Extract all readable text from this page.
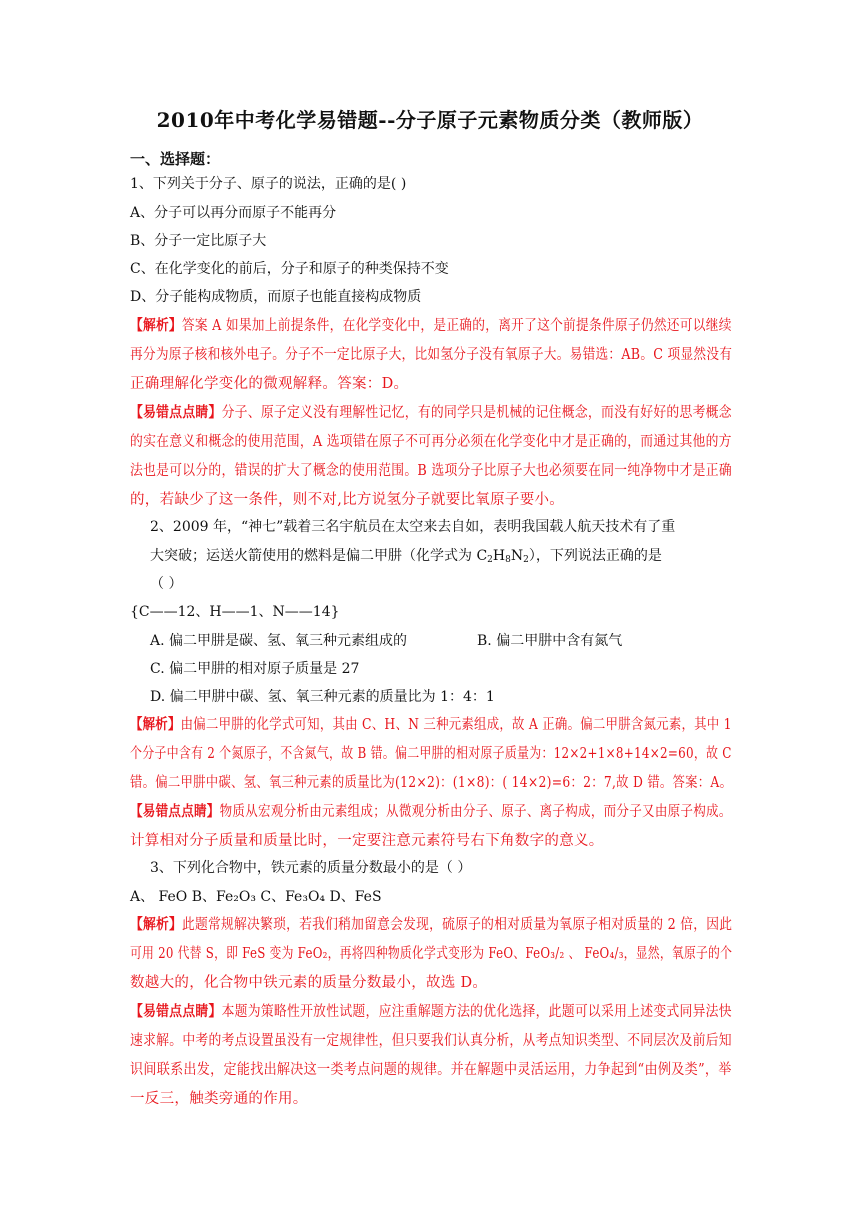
2010年中考化学易错题--分子原子元素物质分类（教师版）
一、选择题：
1、下列关于分子、原子的说法，正确的是( )
A、分子可以再分而原子不能再分
B、分子一定比原子大
C、在化学变化的前后，分子和原子的种类保持不变
D、分子能构成物质，而原子也能直接构成物质
【解析】答案 A 如果加上前提条件，在化学变化中，是正确的，离开了这个前提条件原子仍然还可以继续
再分为原子核和核外电子。分子不一定比原子大，比如氢分子没有氧原子大。易错选：AB。C 项显然没有
正确理解化学变化的微观解释。答案：D。
【易错点点睛】分子、原子定义没有理解性记忆，有的同学只是机械的记住概念，而没有好好的思考概念
的实在意义和概念的使用范围，A 选项错在原子不可再分必须在化学变化中才是正确的，而通过其他的方
法也是可以分的，错误的扩大了概念的使用范围。B 选项分子比原子大也必须要在同一纯净物中才是正确
的，若缺少了这一条件，则不对,比方说氢分子就要比氧原子要小。
2、2009 年，“神七”载着三名宇航员在太空来去自如，表明我国载人航天技术有了重
大突破；运送火箭使用的燃料是偏二甲肼（化学式为 $C_2H_8N_2$），下列说法正确的是
（ ）
{C——12、H——1、N——14}
A. 偏二甲肼是碳、氢、氧三种元素组成的	B. 偏二甲肼中含有氮气
C. 偏二甲肼的相对原子质量是 27
D. 偏二甲肼中碳、氢、氧三种元素的质量比为 1：4：1
【解析】由偏二甲肼的化学式可知，其由 C、H、N 三种元素组成，故 A 正确。偏二甲肼含氮元素，其中 1
个分子中含有 2 个氮原子，不含氮气，故 B 错。偏二甲肼的相对原子质量为：12×2+1×8+14×2=60，故 C
错。偏二甲肼中碳、氢、氧三种元素的质量比为(12×2)：(1×8)：( 14×2)=6：2：7,故 D 错。答案：A。
【易错点点睛】物质从宏观分析由元素组成；从微观分析由分子、原子、离子构成，而分子又由原子构成。
计算相对分子质量和质量比时，一定要注意元素符号右下角数字的意义。
3、下列化合物中，铁元素的质量分数最小的是（ ）
A、 FeO B、Fe₂O₃ C、Fe₃O₄ D、FeS
【解析】此题常规解决繁琐，若我们稍加留意会发现，硫原子的相对质量为氧原子相对质量的 2 倍，因此
可用 20 代替 S，即 FeS 变为 FeO₂，再将四种物质化学式变形为 FeO、FeO₃/₂ 、 FeO₄/₃，显然，氧原子的个
数越大的，化合物中铁元素的质量分数最小，故选 D。
【易错点点睛】本题为策略性开放性试题，应注重解题方法的优化选择，此题可以采用上述变式同异法快
速求解。中考的考点设置虽没有一定规律性，但只要我们认真分析，从考点知识类型、不同层次及前后知
识间联系出发，定能找出解决这一类考点问题的规律。并在解题中灵活运用，力争起到“由例及类”，举
一反三，触类旁通的作用。
